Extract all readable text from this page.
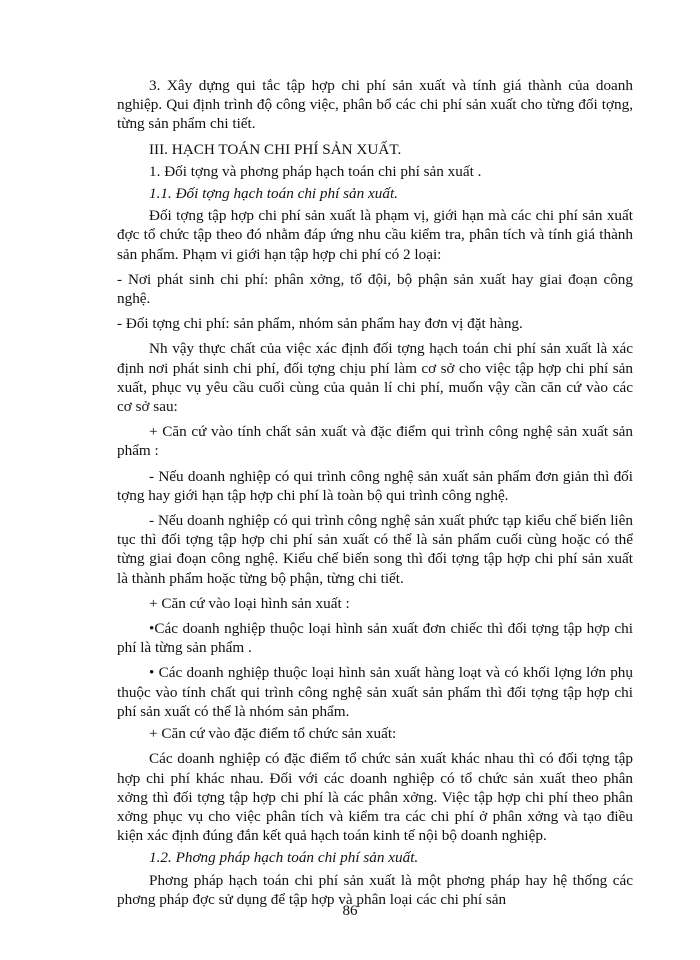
3. Xây dựng qui tắc tập hợp chi phí sản xuất và tính giá thành của doanh nghiệp. Qui định trình độ công việc, phân bổ các chi phí sản xuất cho từng đối tợng, từng sản phẩm chi tiết.

III. HẠCH TOÁN CHI PHÍ SẢN XUẤT.

1. Đối tợng và phơng pháp hạch toán chi phí sản xuất .

1.1. Đối tợng hạch toán chi phí sản xuất.

Đối tợng tập hợp chi phí sản xuất là phạm vị, giới hạn mà các chi phí sản xuất đợc tổ chức tập theo đó nhằm đáp ứng nhu cầu kiểm tra, phân tích và tính giá thành sản phẩm. Phạm vi giới hạn tập hợp chi phí có 2 loại:

- Nơi phát sinh chi phí: phân xởng, tổ đội, bộ phận sản xuất hay giai đoạn công nghệ.

- Đối tợng chi phí: sản phẩm, nhóm sản phẩm hay đơn vị đặt hàng.

Nh vậy thực chất của việc xác định đối tợng hạch toán chi phí sản xuất là xác định nơi phát sinh chi phí, đối tợng chịu phí làm cơ sở cho việc tập hợp chi phí sản xuất, phục vụ yêu cầu cuối cùng của quản lí chi phí, muốn vậy cần căn cứ vào các cơ sở sau:

+ Căn cứ vào tính chất sản xuất và đặc điểm qui trình công nghệ sản xuất sản phẩm :

- Nếu doanh nghiệp có qui trình công nghệ sản xuất sản phẩm đơn giản thì đối tợng hay giới hạn tập hợp chi phí là toàn bộ qui trình công nghệ.

- Nếu doanh nghiệp có qui trình công nghệ sản xuất phức tạp kiểu chế biến liên tục thì đối tợng tập hợp chi phí sản xuất có thể là sản phẩm cuối cùng hoặc có thể từng giai đoạn công nghệ. Kiểu chế biến song thì đối tợng tập hợp chi phí sản xuất là thành phẩm hoặc từng bộ phận, từng chi tiết.

+ Căn cứ vào loại hình sản xuất :

•Các doanh nghiệp thuộc loại hình sản xuất đơn chiếc thì đối tợng tập hợp chi phí là từng sản phẩm .

• Các doanh nghiệp thuộc loại hình sản xuất hàng loạt và có khối lợng lớn phụ thuộc vào tính chất qui trình công nghệ sản xuất sản phẩm thì đối tợng tập hợp chi phí sản xuất có thể là nhóm sản phẩm.

+ Căn cứ vào đặc điểm tổ chức sản xuất:

Các doanh nghiệp có đặc điểm tổ chức sản xuất khác nhau thì có đối tợng tập hợp chi phí khác nhau. Đối với các doanh nghiệp có tổ chức sản xuất theo phân xởng thì đối tợng tập hợp chi phí là các phân xởng. Việc tập hợp chi phí theo phân xởng phục vụ cho việc phân tích và kiểm tra các chi phí ở phân xởng và tạo điều kiện xác định đúng đắn kết quả hạch toán kinh tế nội bộ doanh nghiệp.

1.2. Phơng pháp hạch toán chi phí sản xuất.

Phơng pháp hạch toán chi phí sản xuất là một phơng pháp hay hệ thống các phơng pháp đợc sử dụng để tập hợp và phân loại các chi phí sản

86
